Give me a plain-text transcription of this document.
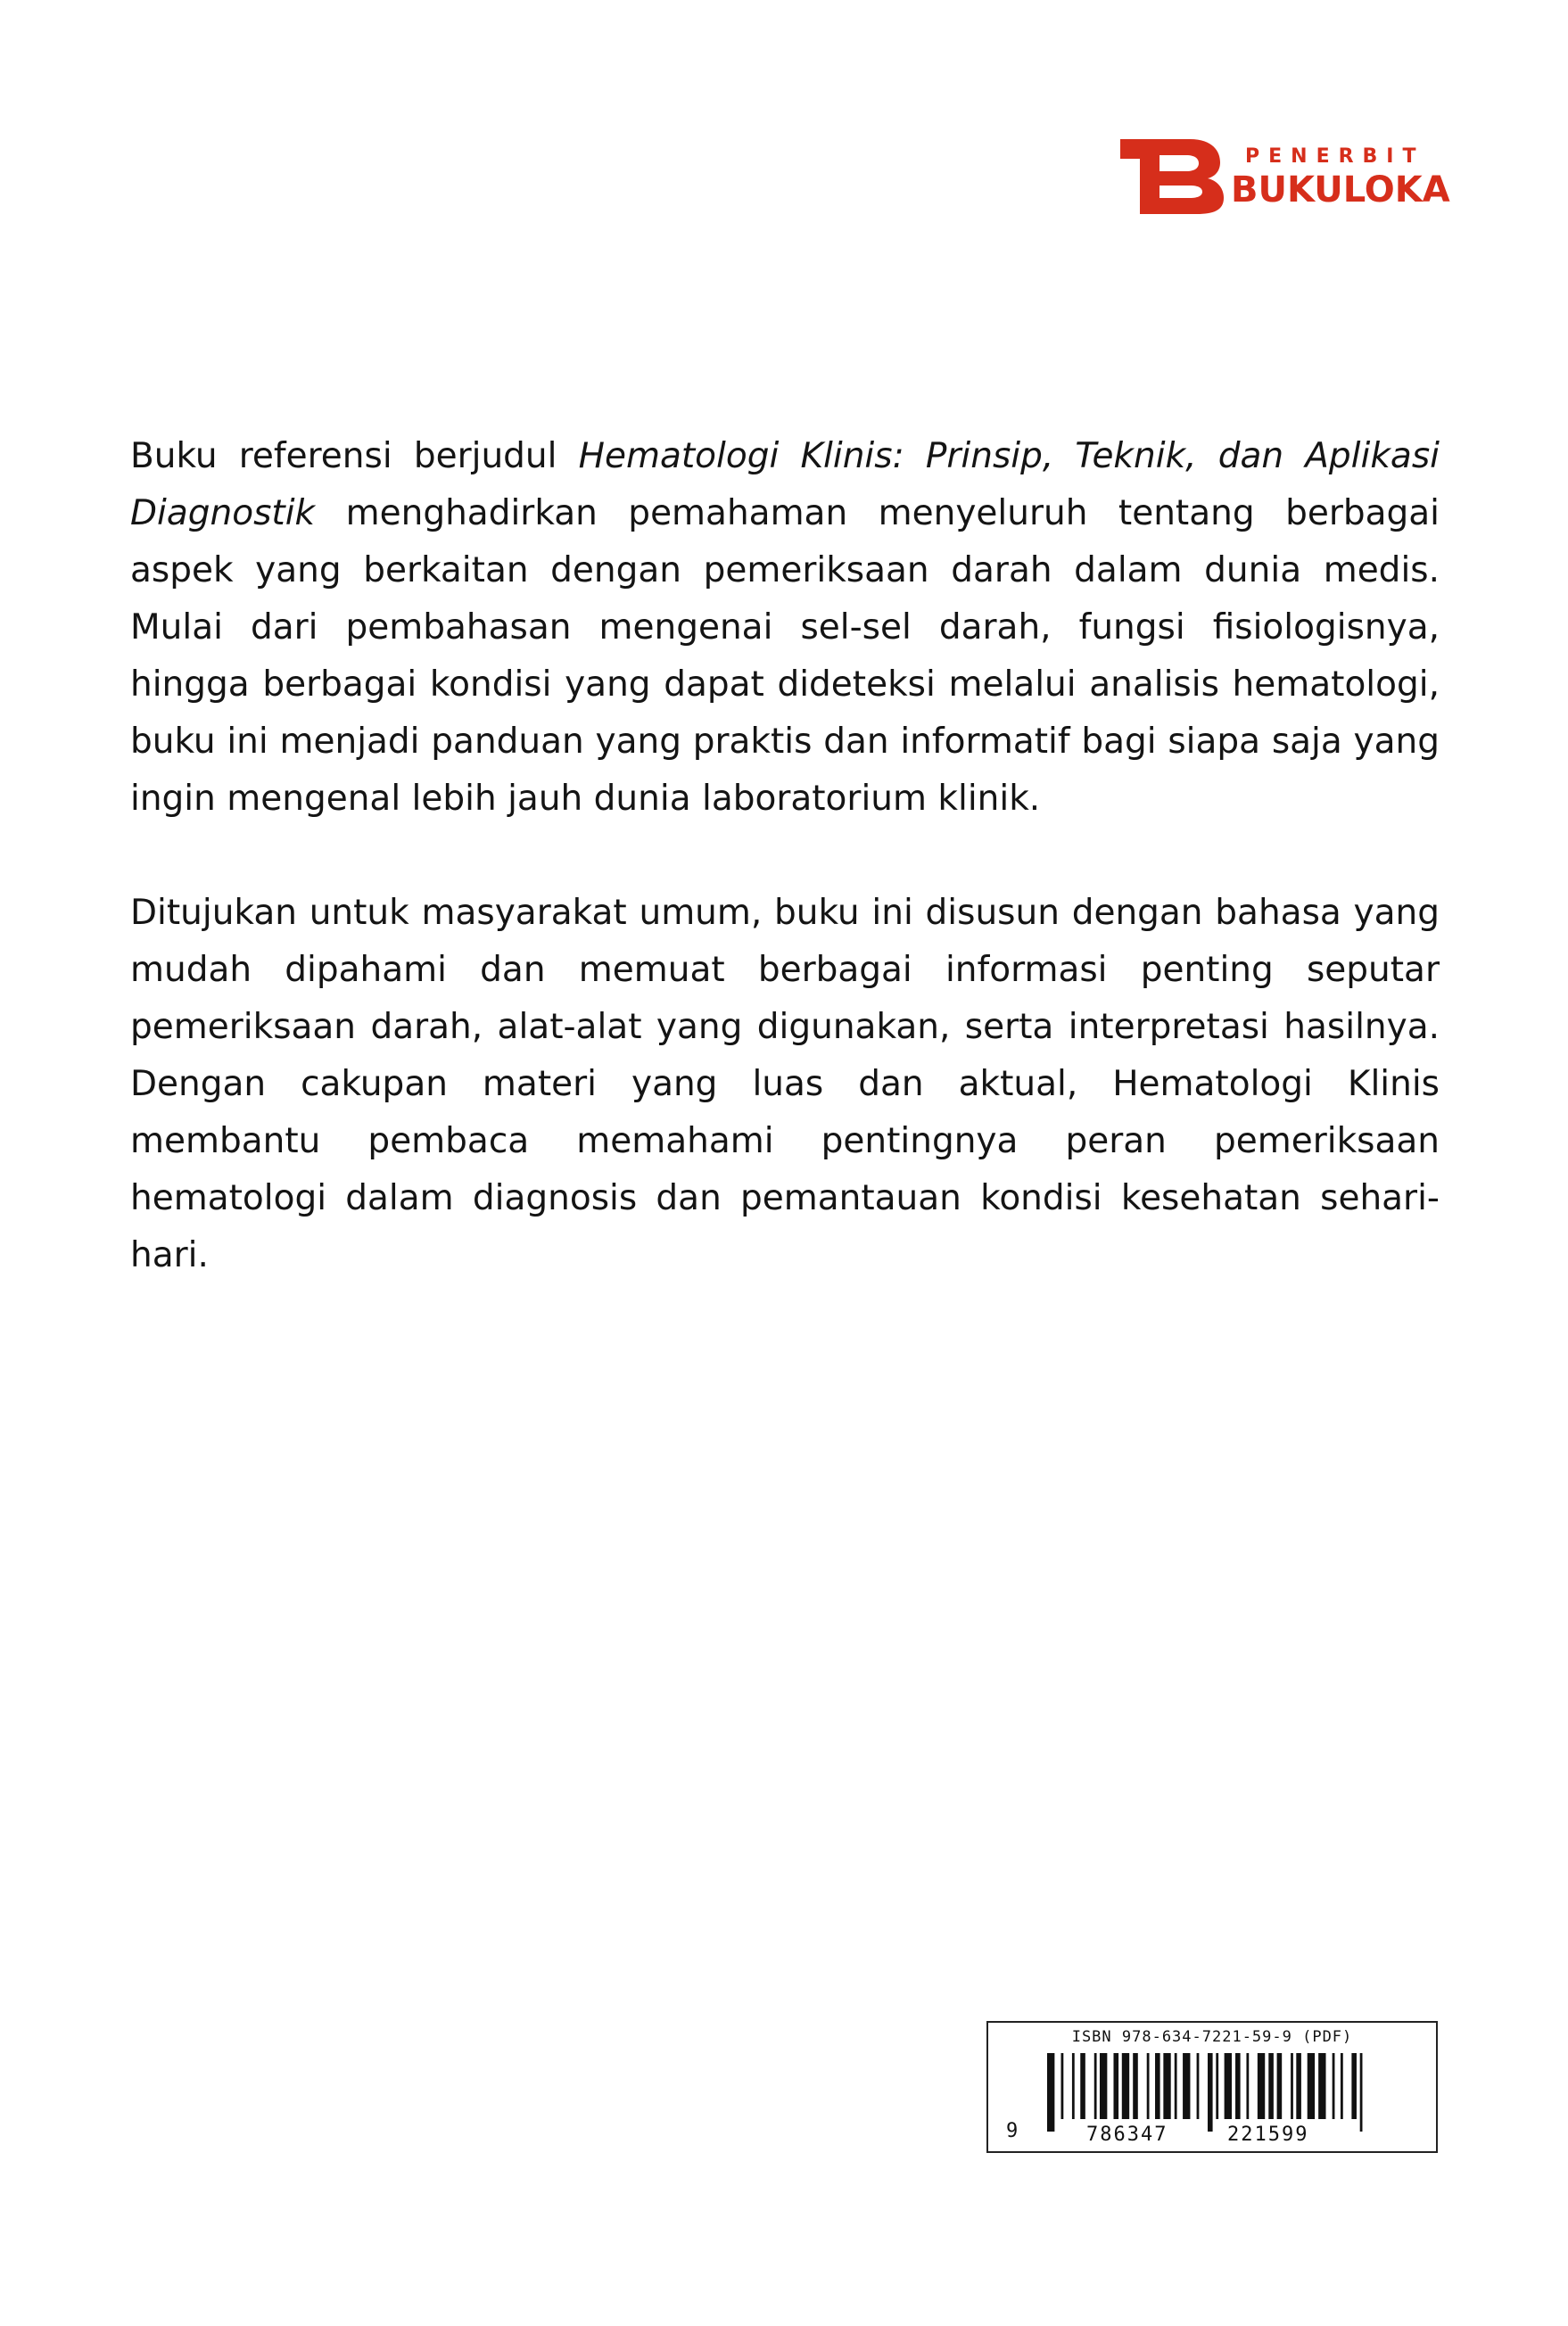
PENERBIT
BUKULOKA

Buku referensi berjudul Hematologi Klinis: Prinsip, Teknik, dan Aplikasi Diagnostik menghadirkan pemahaman menyeluruh tentang berbagai aspek yang berkaitan dengan pemeriksaan darah dalam dunia medis. Mulai dari pembahasan mengenai sel-sel darah, fungsi fisiologisnya, hingga berbagai kondisi yang dapat dideteksi melalui analisis hematologi, buku ini menjadi panduan yang praktis dan informatif bagi siapa saja yang ingin mengenal lebih jauh dunia laboratorium klinik.

Ditujukan untuk masyarakat umum, buku ini disusun dengan bahasa yang mudah dipahami dan memuat berbagai informasi penting seputar pemeriksaan darah, alat-alat yang digunakan, serta interpretasi hasilnya. Dengan cakupan materi yang luas dan aktual, Hematologi Klinis membantu pembaca memahami pentingnya peran pemeriksaan hematologi dalam diagnosis dan pemantauan kondisi kesehatan sehari-hari.

ISBN 978-634-7221-59-9 (PDF)
9	786347	221599
